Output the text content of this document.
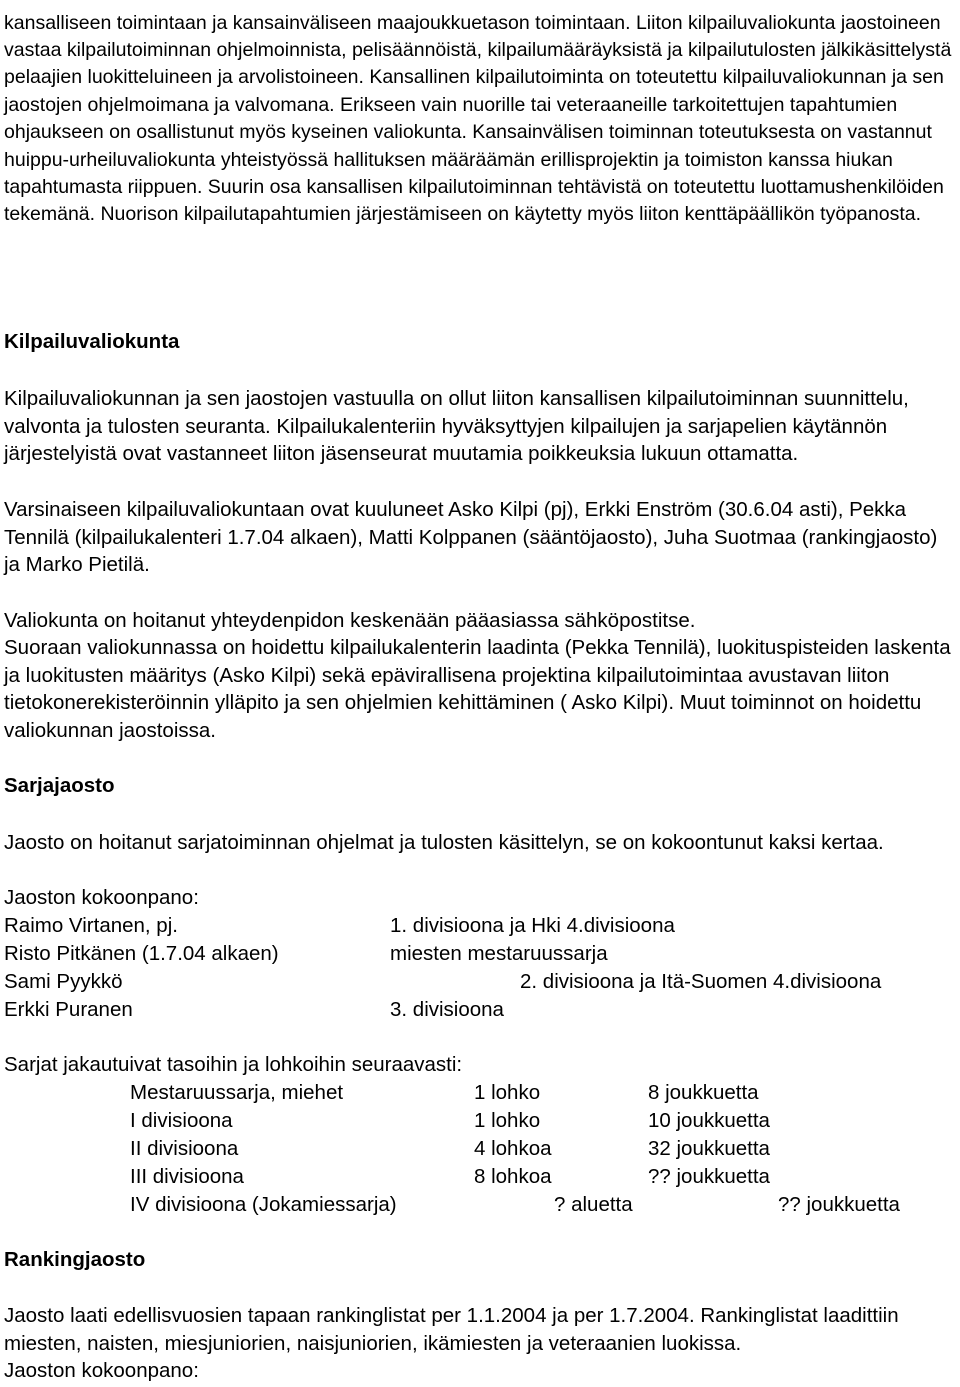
kansalliseen toimintaan ja kansainväliseen maajoukkuetason toimintaan. Liiton kilpailuvaliokunta jaostoineen vastaa kilpailutoiminnan ohjelmoinnista, pelisäännöistä, kilpailumääräyksistä ja kilpailutulosten jälkikäsittelystä pelaajien luokitteluineen ja arvolistoineen. Kansallinen kilpailutoiminta on toteutettu kilpailuvaliokunnan ja sen jaostojen ohjelmoimana ja valvomana. Erikseen vain nuorille tai veteraaneille tarkoitettujen tapahtumien ohjaukseen on osallistunut myös kyseinen valiokunta. Kansainvälisen toiminnan toteutuksesta on vastannut huippu-urheiluvaliokunta yhteistyössä hallituksen määräämän erillisprojektin ja toimiston kanssa hiukan tapahtumasta riippuen. Suurin osa kansallisen kilpailutoiminnan tehtävistä on toteutettu luottamushenkilöiden tekemänä. Nuorison kilpailutapahtumien järjestämiseen on käytetty myös liiton kenttäpäällikön työpanosta.

Kilpailuvaliokunta

Kilpailuvaliokunnan ja sen jaostojen vastuulla on ollut liiton kansallisen kilpailutoiminnan suunnittelu, valvonta ja tulosten seuranta. Kilpailukalenteriin hyväksyttyjen kilpailujen ja sarjapelien käytännön järjestelyistä ovat vastanneet liiton jäsenseurat muutamia poikkeuksia lukuun ottamatta.

Varsinaiseen kilpailuvaliokuntaan ovat kuuluneet Asko Kilpi (pj), Erkki Enström (30.6.04 asti), Pekka Tennilä (kilpailukalenteri 1.7.04 alkaen), Matti Kolppanen (sääntöjaosto), Juha Suotmaa (rankingjaosto) ja Marko Pietilä.

Valiokunta on hoitanut yhteydenpidon keskenään pääasiassa sähköpostitse.

Suoraan valiokunnassa on hoidettu kilpailukalenterin laadinta (Pekka Tennilä), luokituspisteiden laskenta ja luokitusten määritys (Asko Kilpi) sekä epävirallisena projektina kilpailutoimintaa avustavan liiton tietokonerekisteröinnin ylläpito ja sen ohjelmien kehittäminen ( Asko Kilpi). Muut toiminnot on hoidettu valiokunnan jaostoissa.

Sarjajaosto

Jaosto on hoitanut sarjatoiminnan ohjelmat ja tulosten käsittelyn, se on kokoontunut kaksi kertaa.

Jaoston kokoonpano:

Raimo Virtanen, pj.	1. divisioona ja Hki 4.divisioona
Risto Pitkänen (1.7.04 alkaen)	miesten mestaruussarja
Sami Pyykkö	2. divisioona ja Itä-Suomen 4.divisioona
Erkki Puranen	3. divisioona

Sarjat jakautuivat tasoihin ja lohkoihin seuraavasti:

Mestaruussarja, miehet	1 lohko	8 joukkuetta
I divisioona	1 lohko	10 joukkuetta
II divisioona	4 lohkoa	32 joukkuetta
III divisioona	8 lohkoa	?? joukkuetta
IV divisioona (Jokamiessarja)	? aluetta	?? joukkuetta
Rankingjaosto

Jaosto laati edellisvuosien tapaan rankinglistat per 1.1.2004 ja per 1.7.2004. Rankinglistat laadittiin miesten, naisten, miesjuniorien, naisjuniorien, ikämiesten ja veteraanien luokissa.

Jaoston kokoonpano:
